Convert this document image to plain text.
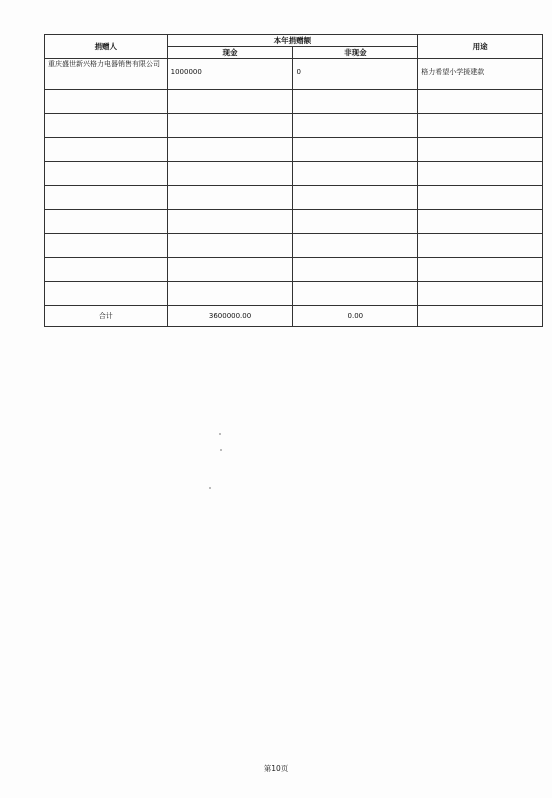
捐赠人	本年捐赠额		用途
	现金	非现金	

重庆盛世新兴格力电器销售有限公司	1000000	0	格力希望小学援建款

合计	3600000.00	0.00	
第10页
